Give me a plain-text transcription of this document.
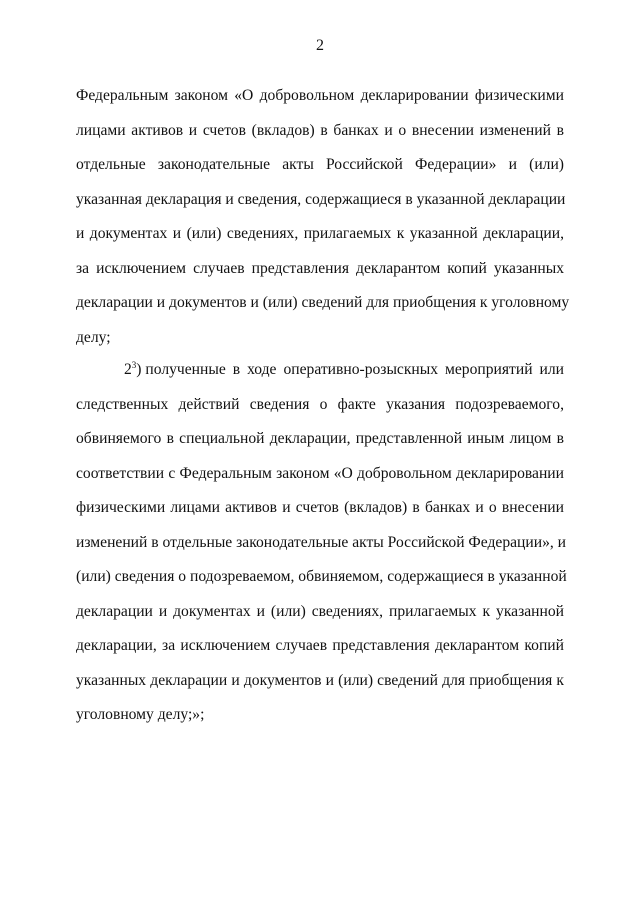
2
Федеральным законом «О добровольном декларировании физическими
лицами активов и счетов (вкладов) в банках и о внесении изменений в
отдельные законодательные акты Российской Федерации» и (или)
указанная декларация и сведения, содержащиеся в указанной декларации
и документах и (или) сведениях, прилагаемых к указанной декларации,
за исключением случаев представления декларантом копий указанных
декларации и документов и (или) сведений для приобщения к уголовному
делу;
$2^3$) полученные в ходе оперативно-розыскных мероприятий или
следственных действий сведения о факте указания подозреваемого,
обвиняемого в специальной декларации, представленной иным лицом в
соответствии с Федеральным законом «О добровольном декларировании
физическими лицами активов и счетов (вкладов) в банках и о внесении
изменений в отдельные законодательные акты Российской Федерации», и
(или) сведения о подозреваемом, обвиняемом, содержащиеся в указанной
декларации и документах и (или) сведениях, прилагаемых к указанной
декларации, за исключением случаев представления декларантом копий
указанных декларации и документов и (или) сведений для приобщения к
уголовному делу;»;
